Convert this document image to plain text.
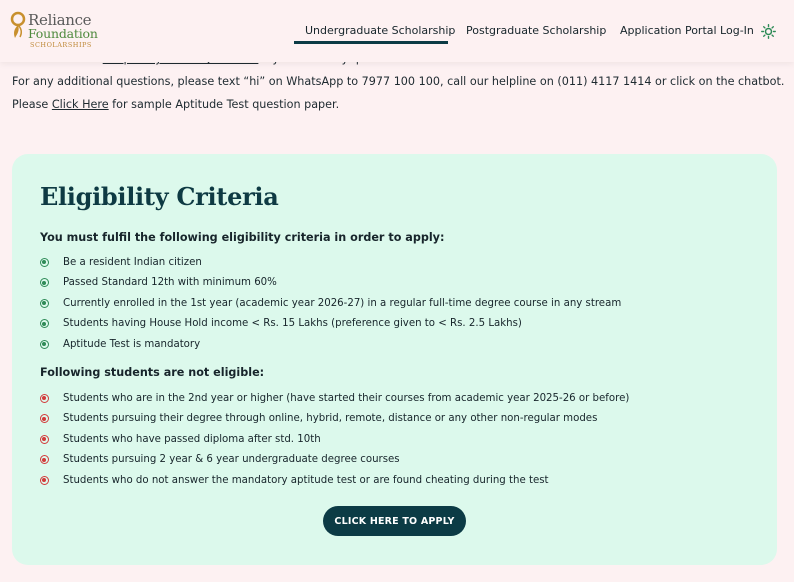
For any additional questions, please text “hi” on WhatsApp to 7977 100 100, call our helpline on (011) 4117 1414 or click on the chatbot.
Please Click Here for sample Aptitude Test question paper.
Reliance
Foundation
SCHOLARSHIPS
Undergraduate Scholarship Postgraduate Scholarship Application Portal Log-In
Eligibility Criteria
You must fulfil the following eligibility criteria in order to apply:
Be a resident Indian citizen
Passed Standard 12th with minimum 60%
Currently enrolled in the 1st year (academic year 2026-27) in a regular full-time degree course in any stream
Students having House Hold income < Rs. 15 Lakhs (preference given to < Rs. 2.5 Lakhs)
Aptitude Test is mandatory
Following students are not eligible:
Students who are in the 2nd year or higher (have started their courses from academic year 2025-26 or before)
Students pursuing their degree through online, hybrid, remote, distance or any other non-regular modes
Students who have passed diploma after std. 10th
Students pursuing 2 year & 6 year undergraduate degree courses
Students who do not answer the mandatory aptitude test or are found cheating during the test
CLICK HERE TO APPLY
